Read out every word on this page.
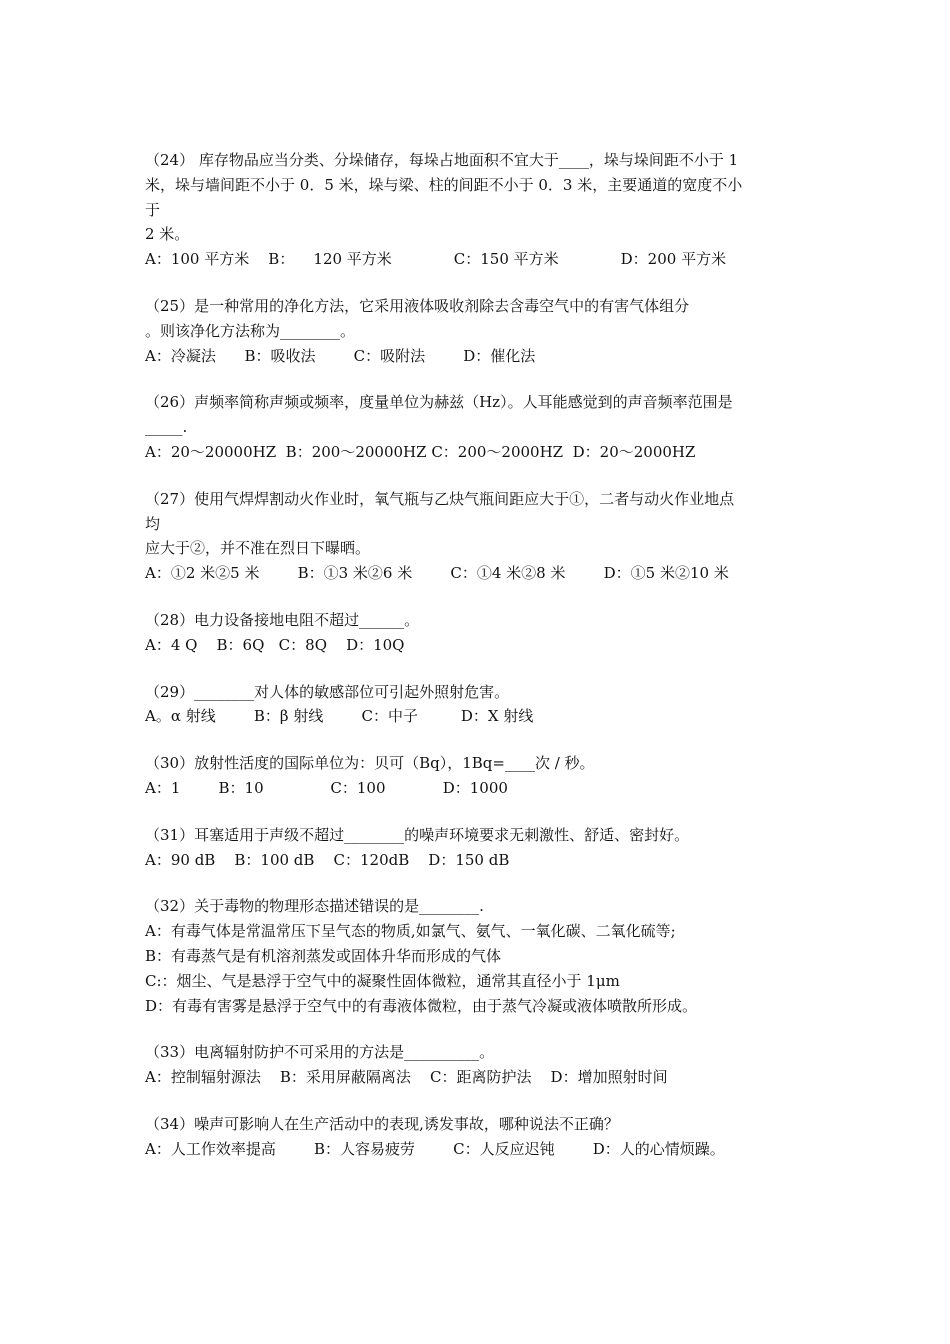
（24） 库存物品应当分类、分垛储存，每垛占地面积不宜大于____，垛与垛间距不小于 1
米，垛与墙间距不小于 0．5 米，垛与梁、柱的间距不小于 0．3 米，主要通道的宽度不小
于
2 米。
A：100 平方米    B：    120 平方米             C：150 平方米             D：200 平方米
（25）是一种常用的净化方法，它采用液体吸收剂除去含毒空气中的有害气体组分
。则该净化方法称为________。
A：冷凝法      B：吸收法        C：吸附法        D：催化法
（26）声频率简称声频或频率，度量单位为赫兹（Hz）。人耳能感觉到的声音频率范围是
_____.
A：20～20000HZ  B：200～20000HZ C：200～2000HZ  D：20～2000HZ
（27）使用气焊焊割动火作业时，氧气瓶与乙炔气瓶间距应大于①，二者与动火作业地点
均
应大于②，并不准在烈日下曝晒。
A：①2 米②5 米        B：①3 米②6 米        C：①4 米②8 米        D：①5 米②10 米
（28）电力设备接地电阻不超过______。
A：4 Q    B：6Q   C：8Q    D：10Q
（29）________对人体的敏感部位可引起外照射危害。
A。α 射线        B：β 射线        C：中子         D：X 射线
（30）放射性活度的国际单位为：贝可（Bq），1Bq=____次 / 秒。
A：1        B：10              C：100            D：1000
（31）耳塞适用于声级不超过________的噪声环境要求无刺激性、舒适、密封好。
A：90 dB    B：100 dB    C：120dB    D：150 dB
（32）关于毒物的物理形态描述错误的是________.
A：有毒气体是常温常压下呈气态的物质,如氯气、氨气、一氧化碳、二氧化硫等;
B：有毒蒸气是有机溶剂蒸发或固体升华而形成的气体
C:：烟尘、气是悬浮于空气中的凝聚性固体微粒，通常其直径小于 1μm
D：有毒有害雾是悬浮于空气中的有毒液体微粒，由于蒸气冷凝或液体喷散所形成。
（33）电离辐射防护不可采用的方法是__________。
A：控制辐射源法    B：采用屏蔽隔离法    C：距离防护法    D：增加照射时间
（34）噪声可影响人在生产活动中的表现,诱发事故，哪种说法不正确？
A：人工作效率提高        B：人容易疲劳        C：人反应迟钝        D：人的心情烦躁。
